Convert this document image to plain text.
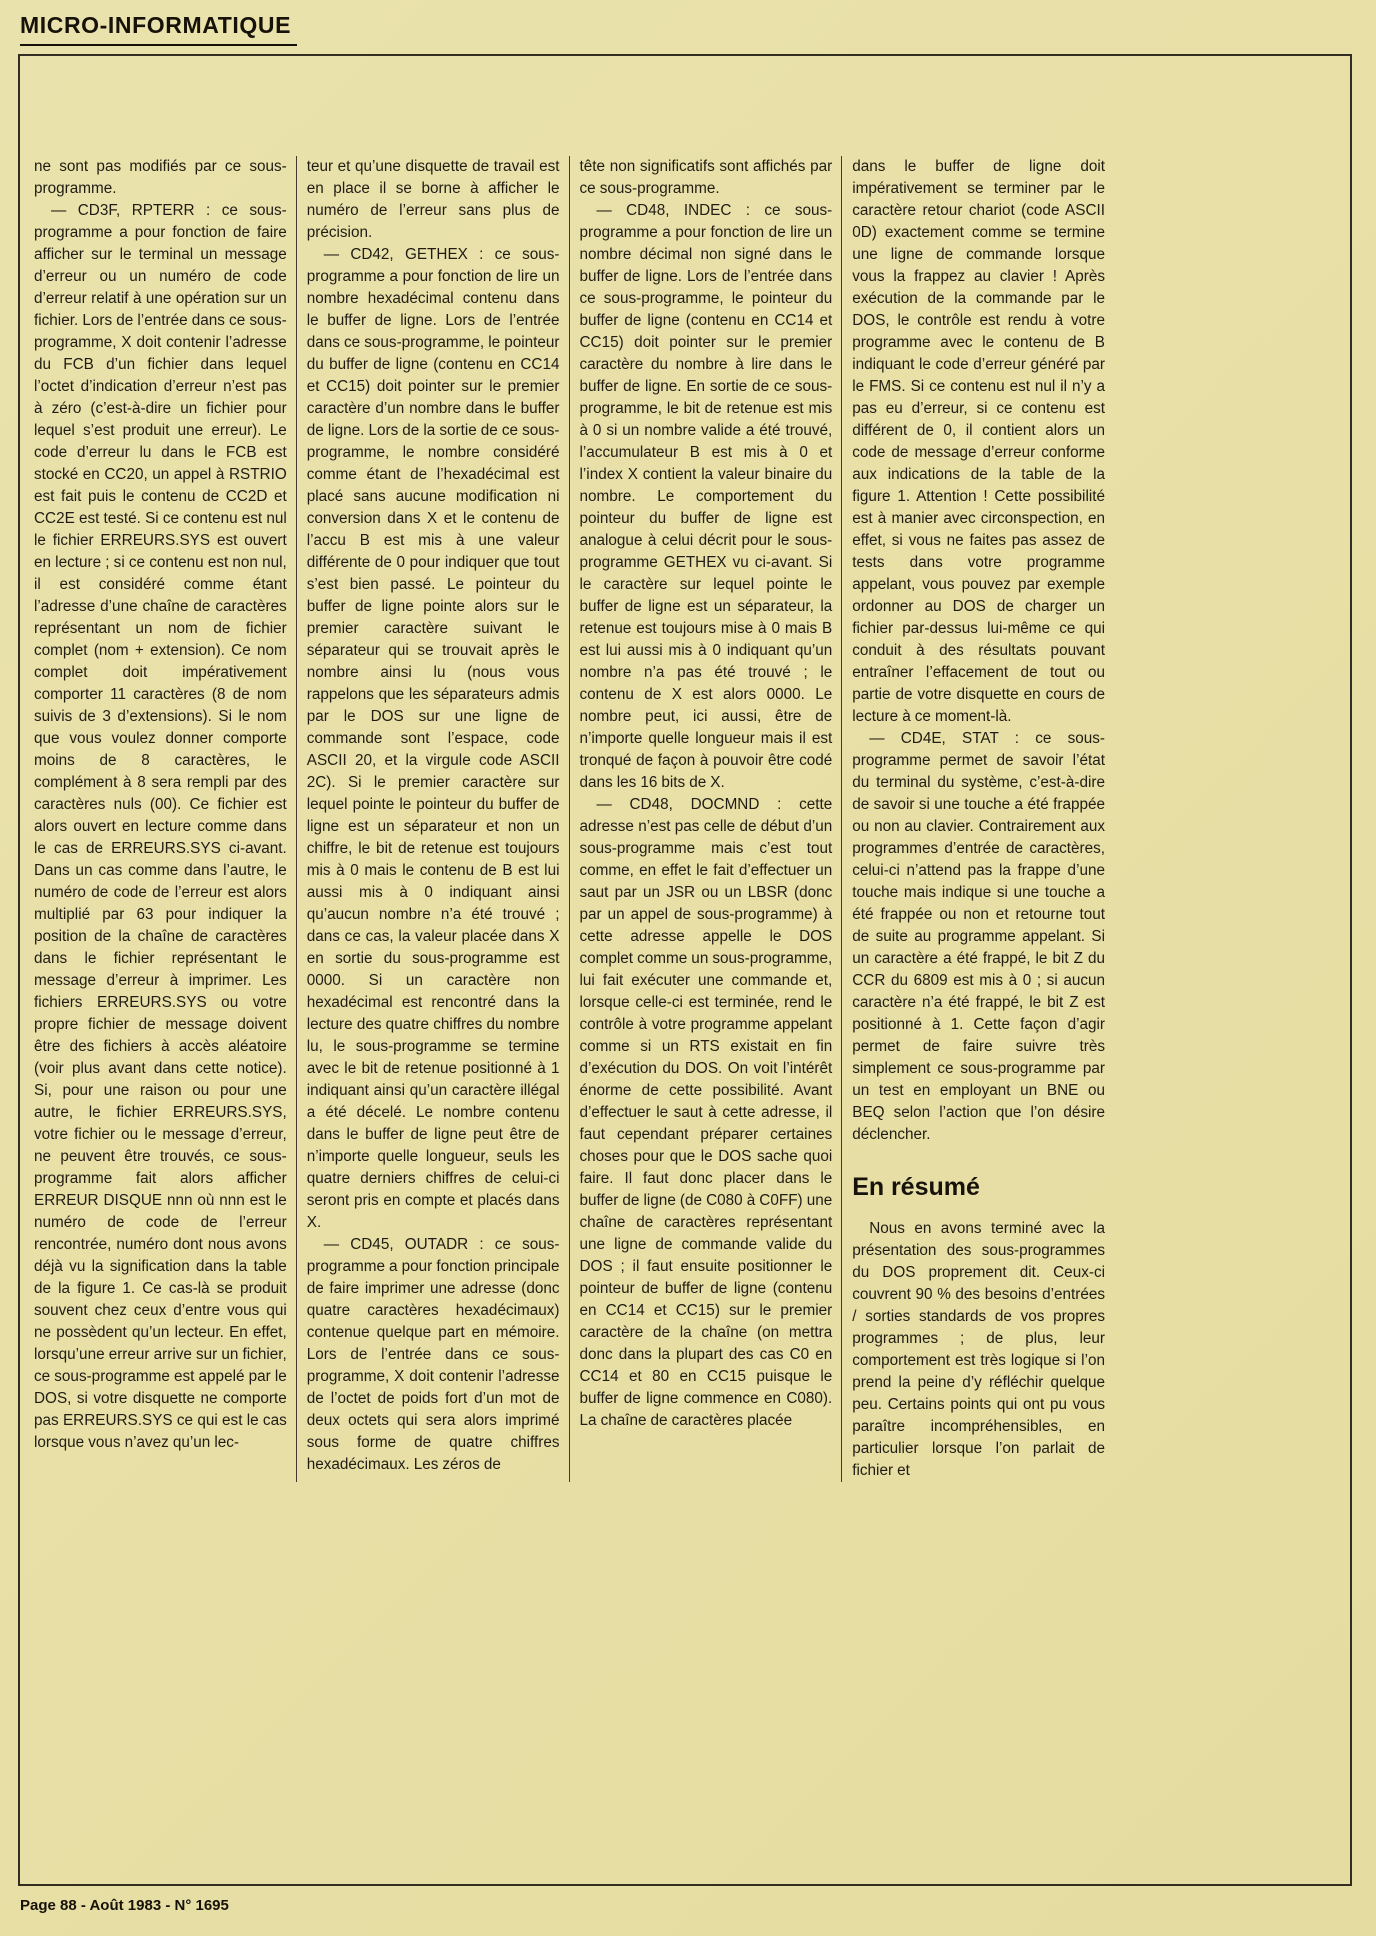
MICRO-INFORMATIQUE

ne sont pas modifiés par ce sous-programme.

— CD3F, RPTERR : ce sous-programme a pour fonction de faire afficher sur le terminal un message d’erreur ou un numéro de code d’erreur relatif à une opération sur un fichier. Lors de l’entrée dans ce sous-programme, X doit contenir l’adresse du FCB d’un fichier dans lequel l’octet d’indication d’erreur n’est pas à zéro (c’est-à-dire un fichier pour lequel s’est produit une erreur). Le code d’erreur lu dans le FCB est stocké en CC20, un appel à RSTRIO est fait puis le contenu de CC2D et CC2E est testé. Si ce contenu est nul le fichier ERREURS.SYS est ouvert en lecture ; si ce contenu est non nul, il est considéré comme étant l’adresse d’une chaîne de caractères représentant un nom de fichier complet (nom + extension). Ce nom complet doit impérativement comporter 11 caractères (8 de nom suivis de 3 d’extensions). Si le nom que vous voulez donner comporte moins de 8 caractères, le complément à 8 sera rempli par des caractères nuls (00). Ce fichier est alors ouvert en lecture comme dans le cas de ERREURS.SYS ci-avant. Dans un cas comme dans l’autre, le numéro de code de l’erreur est alors multiplié par 63 pour indiquer la position de la chaîne de caractères dans le fichier représentant le message d’erreur à imprimer. Les fichiers ERREURS.SYS ou votre propre fichier de message doivent être des fichiers à accès aléatoire (voir plus avant dans cette notice). Si, pour une raison ou pour une autre, le fichier ERREURS.SYS, votre fichier ou le message d’erreur, ne peuvent être trouvés, ce sous-programme fait alors afficher ERREUR DISQUE nnn où nnn est le numéro de code de l’erreur rencontrée, numéro dont nous avons déjà vu la signification dans la table de la figure 1. Ce cas-là se produit souvent chez ceux d’entre vous qui ne possèdent qu’un lecteur. En effet, lorsqu’une erreur arrive sur un fichier, ce sous-programme est appelé par le DOS, si votre disquette ne comporte pas ERREURS.SYS ce qui est le cas lorsque vous n’avez qu’un lec-

teur et qu’une disquette de travail est en place il se borne à afficher le numéro de l’erreur sans plus de précision.

— CD42, GETHEX : ce sous-programme a pour fonction de lire un nombre hexadécimal contenu dans le buffer de ligne. Lors de l’entrée dans ce sous-programme, le pointeur du buffer de ligne (contenu en CC14 et CC15) doit pointer sur le premier caractère d’un nombre dans le buffer de ligne. Lors de la sortie de ce sous-programme, le nombre considéré comme étant de l’hexadécimal est placé sans aucune modification ni conversion dans X et le contenu de l’accu B est mis à une valeur différente de 0 pour indiquer que tout s’est bien passé. Le pointeur du buffer de ligne pointe alors sur le premier caractère suivant le séparateur qui se trouvait après le nombre ainsi lu (nous vous rappelons que les séparateurs admis par le DOS sur une ligne de commande sont l’espace, code ASCII 20, et la virgule code ASCII 2C). Si le premier caractère sur lequel pointe le pointeur du buffer de ligne est un séparateur et non un chiffre, le bit de retenue est toujours mis à 0 mais le contenu de B est lui aussi mis à 0 indiquant ainsi qu’aucun nombre n’a été trouvé ; dans ce cas, la valeur placée dans X en sortie du sous-programme est 0000. Si un caractère non hexadécimal est rencontré dans la lecture des quatre chiffres du nombre lu, le sous-programme se termine avec le bit de retenue positionné à 1 indiquant ainsi qu’un caractère illégal a été décelé. Le nombre contenu dans le buffer de ligne peut être de n’importe quelle longueur, seuls les quatre derniers chiffres de celui-ci seront pris en compte et placés dans X.

— CD45, OUTADR : ce sous-programme a pour fonction principale de faire imprimer une adresse (donc quatre caractères hexadécimaux) contenue quelque part en mémoire. Lors de l’entrée dans ce sous-programme, X doit contenir l’adresse de l’octet de poids fort d’un mot de deux octets qui sera alors imprimé sous forme de quatre chiffres hexadécimaux. Les zéros de

tête non significatifs sont affichés par ce sous-programme.

— CD48, INDEC : ce sous-programme a pour fonction de lire un nombre décimal non signé dans le buffer de ligne. Lors de l’entrée dans ce sous-programme, le pointeur du buffer de ligne (contenu en CC14 et CC15) doit pointer sur le premier caractère du nombre à lire dans le buffer de ligne. En sortie de ce sous-programme, le bit de retenue est mis à 0 si un nombre valide a été trouvé, l’accumulateur B est mis à 0 et l’index X contient la valeur binaire du nombre. Le comportement du pointeur du buffer de ligne est analogue à celui décrit pour le sous-programme GETHEX vu ci-avant. Si le caractère sur lequel pointe le buffer de ligne est un séparateur, la retenue est toujours mise à 0 mais B est lui aussi mis à 0 indiquant qu’un nombre n’a pas été trouvé ; le contenu de X est alors 0000. Le nombre peut, ici aussi, être de n’importe quelle longueur mais il est tronqué de façon à pouvoir être codé dans les 16 bits de X.

— CD48, DOCMND : cette adresse n’est pas celle de début d’un sous-programme mais c’est tout comme, en effet le fait d’effectuer un saut par un JSR ou un LBSR (donc par un appel de sous-programme) à cette adresse appelle le DOS complet comme un sous-programme, lui fait exécuter une commande et, lorsque celle-ci est terminée, rend le contrôle à votre programme appelant comme si un RTS existait en fin d’exécution du DOS. On voit l’intérêt énorme de cette possibilité. Avant d’effectuer le saut à cette adresse, il faut cependant préparer certaines choses pour que le DOS sache quoi faire. Il faut donc placer dans le buffer de ligne (de C080 à C0FF) une chaîne de caractères représentant une ligne de commande valide du DOS ; il faut ensuite positionner le pointeur de buffer de ligne (contenu en CC14 et CC15) sur le premier caractère de la chaîne (on mettra donc dans la plupart des cas C0 en CC14 et 80 en CC15 puisque le buffer de ligne commence en C080). La chaîne de caractères placée

dans le buffer de ligne doit impérativement se terminer par le caractère retour chariot (code ASCII 0D) exactement comme se termine une ligne de commande lorsque vous la frappez au clavier ! Après exécution de la commande par le DOS, le contrôle est rendu à votre programme avec le contenu de B indiquant le code d’erreur généré par le FMS. Si ce contenu est nul il n’y a pas eu d’erreur, si ce contenu est différent de 0, il contient alors un code de message d’erreur conforme aux indications de la table de la figure 1. Attention ! Cette possibilité est à manier avec circonspection, en effet, si vous ne faites pas assez de tests dans votre programme appelant, vous pouvez par exemple ordonner au DOS de charger un fichier par-dessus lui-même ce qui conduit à des résultats pouvant entraîner l’effacement de tout ou partie de votre disquette en cours de lecture à ce moment-là.

— CD4E, STAT : ce sous-programme permet de savoir l’état du terminal du système, c’est-à-dire de savoir si une touche a été frappée ou non au clavier. Contrairement aux programmes d’entrée de caractères, celui-ci n’attend pas la frappe d’une touche mais indique si une touche a été frappée ou non et retourne tout de suite au programme appelant. Si un caractère a été frappé, le bit Z du CCR du 6809 est mis à 0 ; si aucun caractère n’a été frappé, le bit Z est positionné à 1. Cette façon d’agir permet de faire suivre très simplement ce sous-programme par un test en employant un BNE ou BEQ selon l’action que l’on désire déclencher.

En résumé

Nous en avons terminé avec la présentation des sous-programmes du DOS proprement dit. Ceux-ci couvrent 90 % des besoins d’entrées / sorties standards de vos propres programmes ; de plus, leur comportement est très logique si l’on prend la peine d’y réfléchir quelque peu. Certains points qui ont pu vous paraître incompréhensibles, en particulier lorsque l’on parlait de fichier et

Page 88 - Août 1983 - N° 1695
